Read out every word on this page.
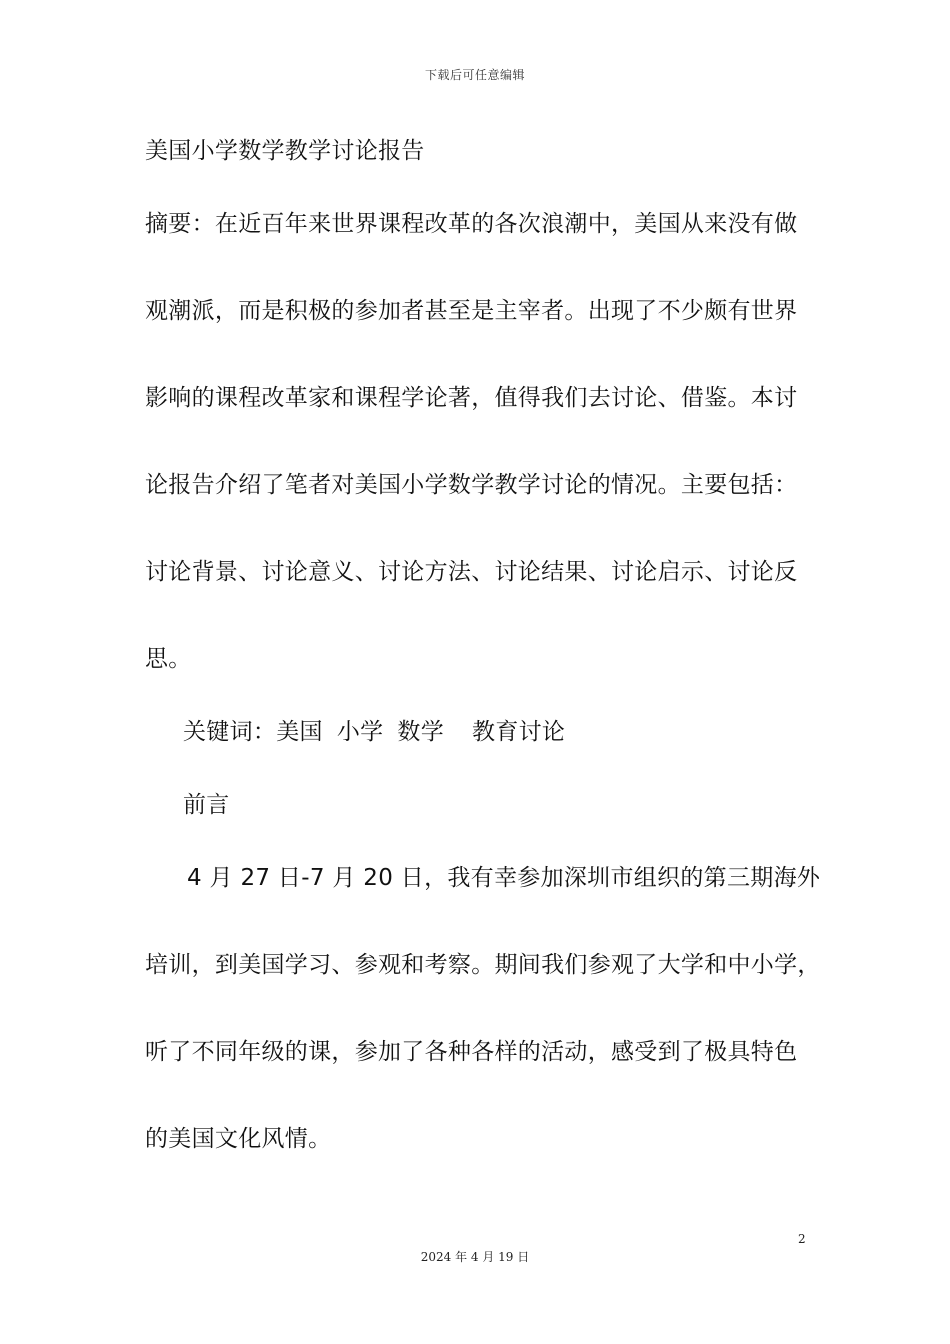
下载后可任意编辑
美国小学数学教学讨论报告
摘要：在近百年来世界课程改革的各次浪潮中，美国从来没有做
观潮派，而是积极的参加者甚至是主宰者。出现了不少颇有世界
影响的课程改革家和课程学论著，值得我们去讨论、借鉴。本讨
论报告介绍了笔者对美国小学数学教学讨论的情况。主要包括：
讨论背景、讨论意义、讨论方法、讨论结果、讨论启示、讨论反
思。
关键词：美国 小学 数学 教育讨论
前言
4 月 27 日-7 月 20 日，我有幸参加深圳市组织的第三期海外
培训，到美国学习、参观和考察。期间我们参观了大学和中小学，
听了不同年级的课，参加了各种各样的活动，感受到了极具特色
的美国文化风情。
2
2024 年 4 月 19 日
